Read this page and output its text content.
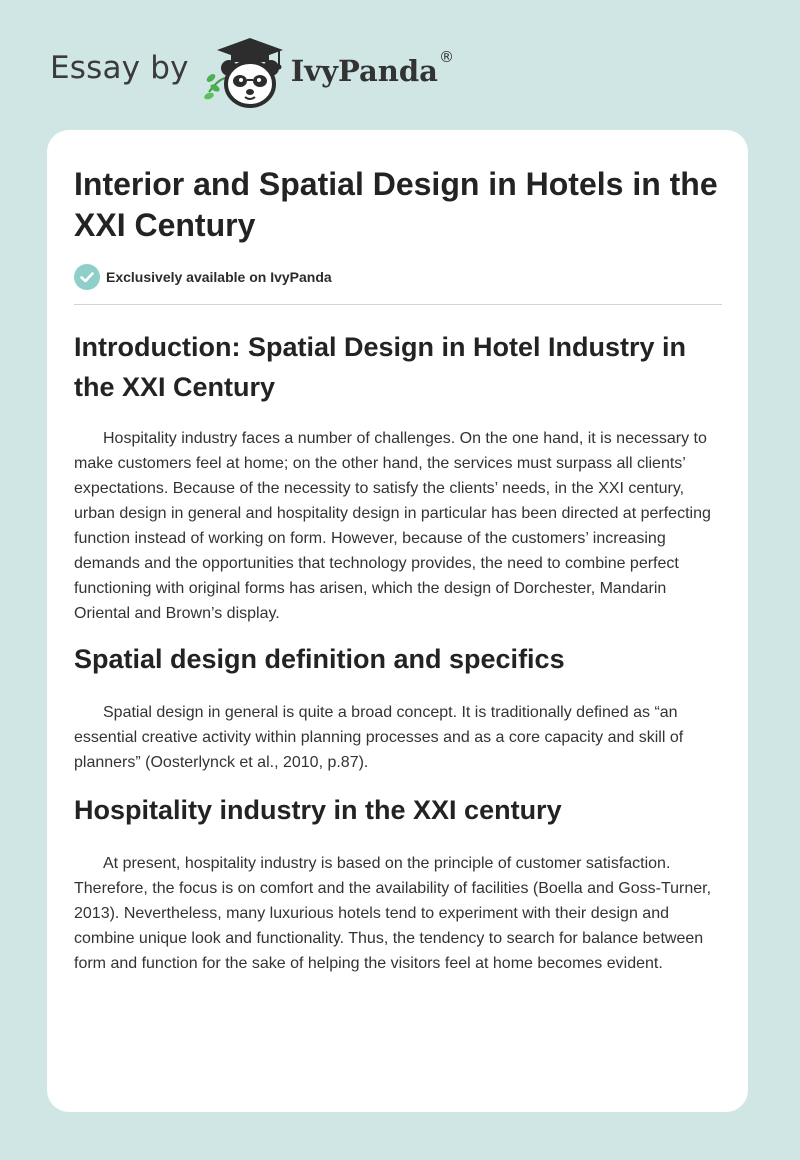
Essay by	IvyPanda ®
Interior and Spatial Design in Hotels in the XXI Century
Exclusively available on IvyPanda
Introduction: Spatial Design in Hotel Industry in the XXI Century

Hospitality industry faces a number of challenges. On the one hand, it is necessary to make customers feel at home; on the other hand, the services must surpass all clients’ expectations. Because of the necessity to satisfy the clients’ needs, in the XXI century, urban design in general and hospitality design in particular has been directed at perfecting function instead of working on form. However, because of the customers’ increasing demands and the opportunities that technology provides, the need to combine perfect functioning with original forms has arisen, which the design of Dorchester, Mandarin Oriental and Brown’s display.

Spatial design definition and specifics

Spatial design in general is quite a broad concept. It is traditionally defined as “an essential creative activity within planning processes and as a core capacity and skill of planners” (Oosterlynck et al., 2010, p.87).

Hospitality industry in the XXI century

At present, hospitality industry is based on the principle of customer satisfaction. Therefore, the focus is on comfort and the availability of facilities (Boella and Goss-Turner, 2013). Nevertheless, many luxurious hotels tend to experiment with their design and combine unique look and functionality. Thus, the tendency to search for balance between form and function for the sake of helping the visitors feel at home becomes evident.
